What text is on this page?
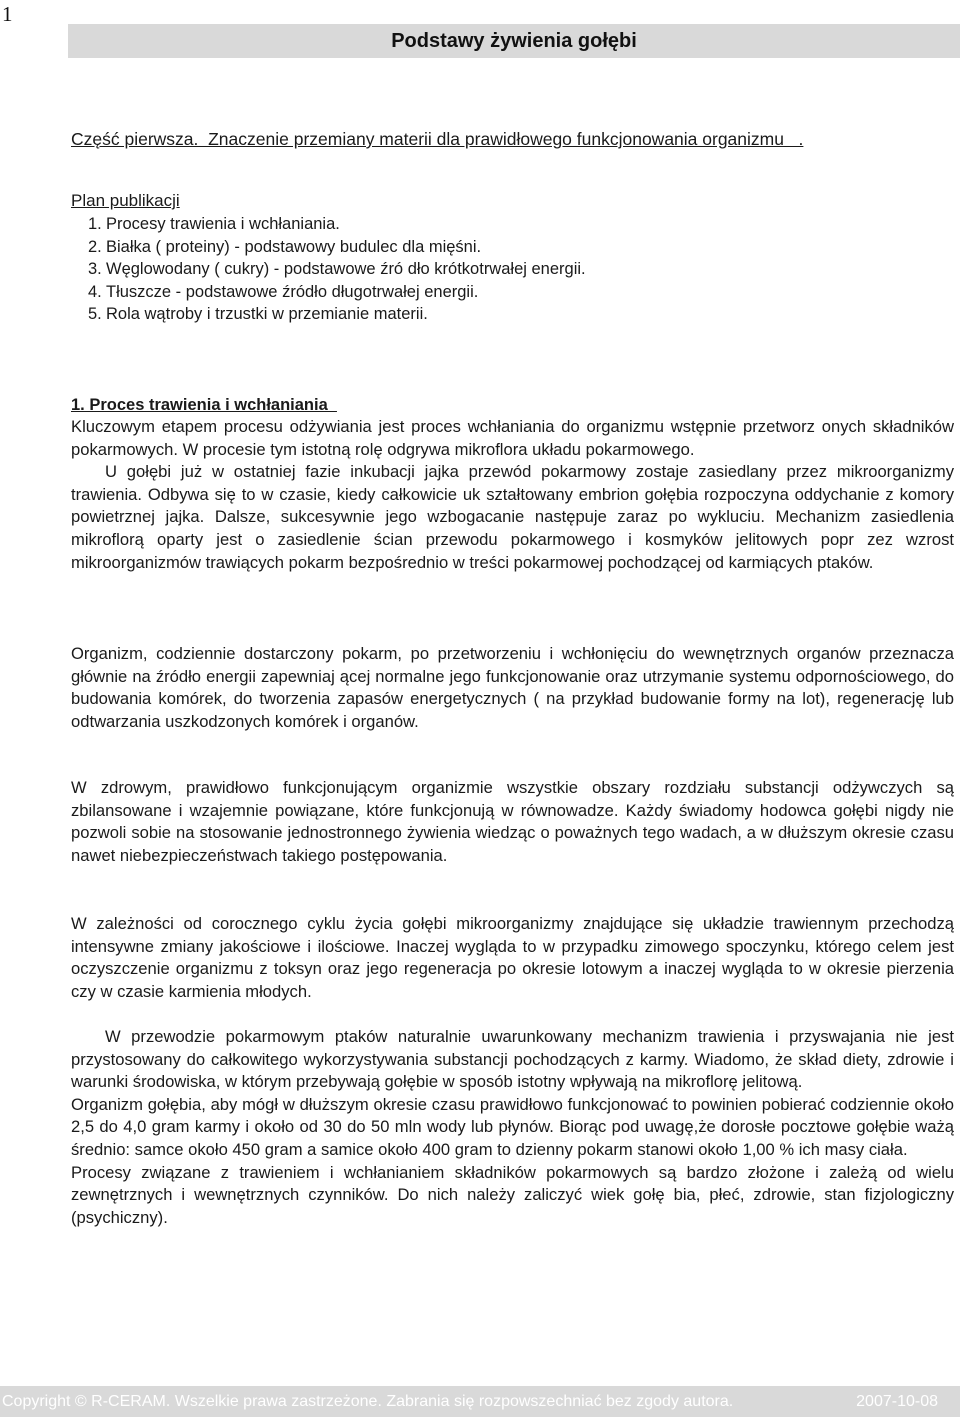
1
Podstawy żywienia gołębi
Część pierwsza.  Znaczenie przemiany materii dla prawidłowego funkcjonowania organizmu   .
Plan publikacji
1. Procesy trawienia i wchłaniania.
2. Białka ( proteiny) - podstawowy budulec dla mięśni.
3. Węglowodany ( cukry) - podstawowe źró dło krótkotrwałej energii.
4. Tłuszcze - podstawowe źródło długotrwałej energii.
5. Rola wątroby i trzustki w przemianie materii.
1. Proces trawienia i wchłaniania

Kluczowym etapem procesu odżywiania jest proces wchłaniania do organizmu wstępnie przetworz onych składników pokarmowych. W procesie tym istotną rolę odgrywa mikroflora układu pokarmowego.

U gołębi już w ostatniej fazie inkubacji jajka przewód pokarmowy zostaje zasiedlany przez mikroorganizmy trawienia. Odbywa się to w czasie, kiedy całkowicie uk ształtowany embrion gołębia rozpoczyna oddychanie z komory powietrznej jajka. Dalsze, sukcesywnie jego wzbogacanie następuje zaraz po wykluciu. Mechanizm zasiedlenia mikroflorą oparty jest o zasiedlenie ścian przewodu pokarmowego i kosmyków jelitowych popr zez wzrost mikroorganizmów trawiących pokarm bezpośrednio w treści pokarmowej pochodzącej od karmiących ptaków.

Organizm, codziennie dostarczony pokarm, po przetworzeniu i wchłonięciu do wewnętrznych organów przeznacza głównie na źródło energii zapewniaj ącej normalne jego funkcjonowanie oraz utrzymanie systemu odpornościowego, do budowania komórek, do tworzenia zapasów energetycznych ( na przykład budowanie formy na lot), regenerację lub odtwarzania uszkodzonych komórek i organów.

W zdrowym, prawidłowo funkcjonującym organizmie wszystkie obszary rozdziału substancji odżywczych są zbilansowane i wzajemnie powiązane, które funkcjonują w równowadze. Każdy świadomy hodowca gołębi nigdy nie pozwoli sobie na stosowanie jednostronnego żywienia wiedząc o poważnych tego wadach, a w dłuższym okresie czasu nawet niebezpieczeństwach takiego postępowania.

W zależności od corocznego cyklu życia gołębi mikroorganizmy znajdujące się układzie trawiennym przechodzą intensywne zmiany jakościowe i ilościowe. Inaczej wygląda to w przypadku zimowego spoczynku, którego celem jest oczyszczenie organizmu z toksyn oraz jego regeneracja po okresie lotowym a inaczej wygląda to w okresie pierzenia czy w czasie karmienia młodych.

W przewodzie pokarmowym ptaków naturalnie uwarunkowany mechanizm trawienia i przyswajania nie jest przystosowany do całkowitego wykorzystywania substancji pochodzących z karmy. Wiadomo, że skład diety, zdrowie i warunki środowiska, w którym przebywają gołębie w sposób istotny wpływają na mikroflorę jelitową.

Organizm gołębia, aby mógł w dłuższym okresie czasu prawidłowo funkcjonować to powinien pobierać codziennie około 2,5 do 4,0 gram karmy i około od 30 do 50 mln wody lub płynów. Biorąc pod uwagę,że dorosłe pocztowe gołębie ważą średnio: samce około 450 gram a samice około 400 gram to dzienny pokarm stanowi około 1,00 % ich masy ciała.

Procesy związane z trawieniem i wchłanianiem składników pokarmowych są bardzo złożone i zależą od wielu zewnętrznych i wewnętrznych czynników. Do nich należy zaliczyć wiek gołę bia, płeć, zdrowie, stan fizjologiczny (psychiczny).

Copyright © R-CERAM. Wszelkie prawa zastrzeżone. Zabrania się rozpowszechniać bez zgody autora.	2007-10-08
